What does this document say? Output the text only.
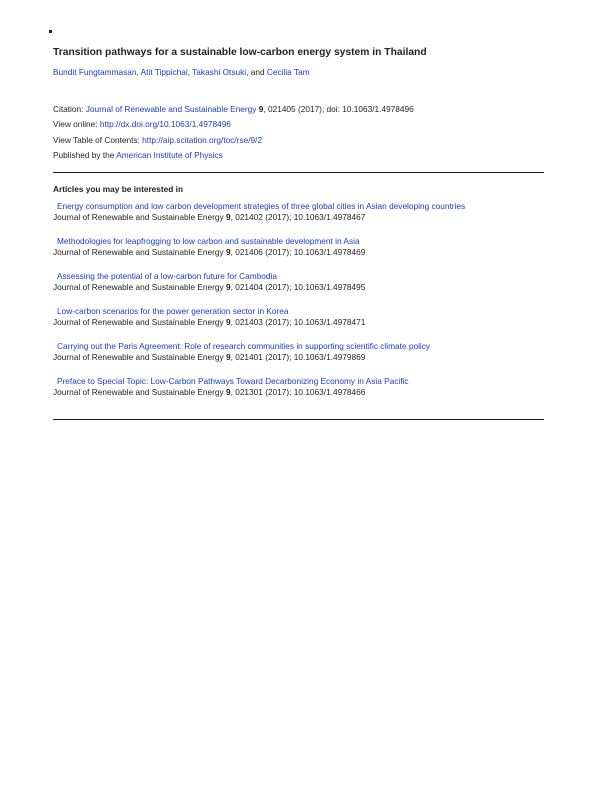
Transition pathways for a sustainable low-carbon energy system in Thailand
Bundit Fungtammasan, Atit Tippichai, Takashi Otsuki, and Cecilia Tam
Citation: Journal of Renewable and Sustainable Energy 9, 021405 (2017); doi: 10.1063/1.4978496
View online: http://dx.doi.org/10.1063/1.4978496
View Table of Contents: http://aip.scitation.org/toc/rse/9/2
Published by the American Institute of Physics
Articles you may be interested in
Energy consumption and low carbon development strategies of three global cities in Asian developing countries
Journal of Renewable and Sustainable Energy 9, 021402 (2017); 10.1063/1.4978467
Methodologies for leapfrogging to low carbon and sustainable development in Asia
Journal of Renewable and Sustainable Energy 9, 021406 (2017); 10.1063/1.4978469
Assessing the potential of a low-carbon future for Cambodia
Journal of Renewable and Sustainable Energy 9, 021404 (2017); 10.1063/1.4978495
Low-carbon scenarios for the power generation sector in Korea
Journal of Renewable and Sustainable Energy 9, 021403 (2017); 10.1063/1.4978471
Carrying out the Paris Agreement: Role of research communities in supporting scientific climate policy
Journal of Renewable and Sustainable Energy 9, 021401 (2017); 10.1063/1.4979869
Preface to Special Topic: Low-Carbon Pathways Toward Decarbonizing Economy in Asia Pacific
Journal of Renewable and Sustainable Energy 9, 021301 (2017); 10.1063/1.4978466
